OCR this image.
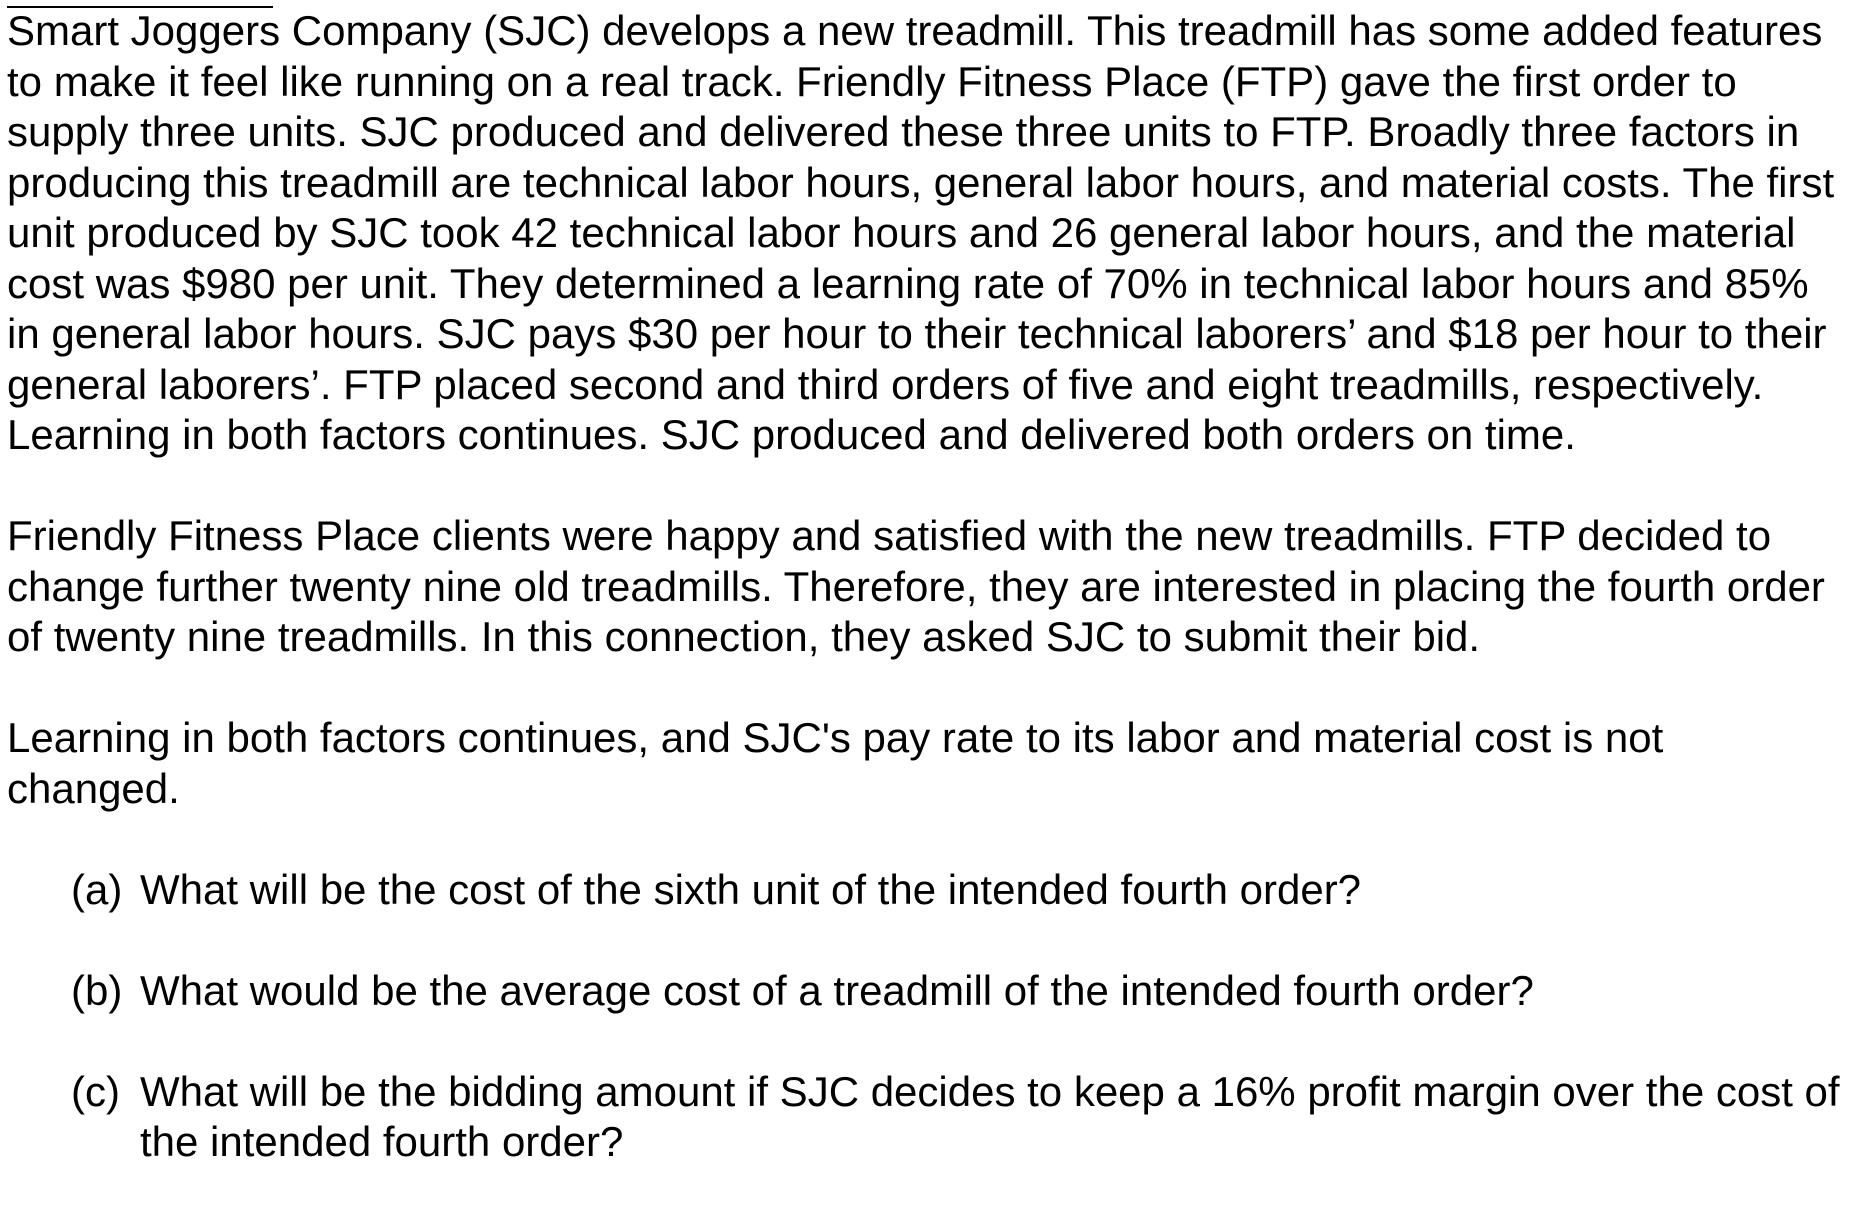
Smart Joggers Company (SJC) develops a new treadmill. This treadmill has some added features to make it feel like running on a real track. Friendly Fitness Place (FTP) gave the first order to supply three units. SJC produced and delivered these three units to FTP. Broadly three factors in producing this treadmill are technical labor hours, general labor hours, and material costs. The first unit produced by SJC took 42 technical labor hours and 26 general labor hours, and the material cost was $980 per unit. They determined a learning rate of 70% in technical labor hours and 85% in general labor hours. SJC pays $30 per hour to their technical laborers’ and $18 per hour to their general laborers’. FTP placed second and third orders of five and eight treadmills, respectively. Learning in both factors continues. SJC produced and delivered both orders on time.

Friendly Fitness Place clients were happy and satisfied with the new treadmills. FTP decided to change further twenty nine old treadmills. Therefore, they are interested in placing the fourth order of twenty nine treadmills. In this connection, they asked SJC to submit their bid.

Learning in both factors continues, and SJC's pay rate to its labor and material cost is not changed.

(a) What will be the cost of the sixth unit of the intended fourth order?
(b) What would be the average cost of a treadmill of the intended fourth order?
(c) What will be the bidding amount if SJC decides to keep a 16% profit margin over the cost of the intended fourth order?
